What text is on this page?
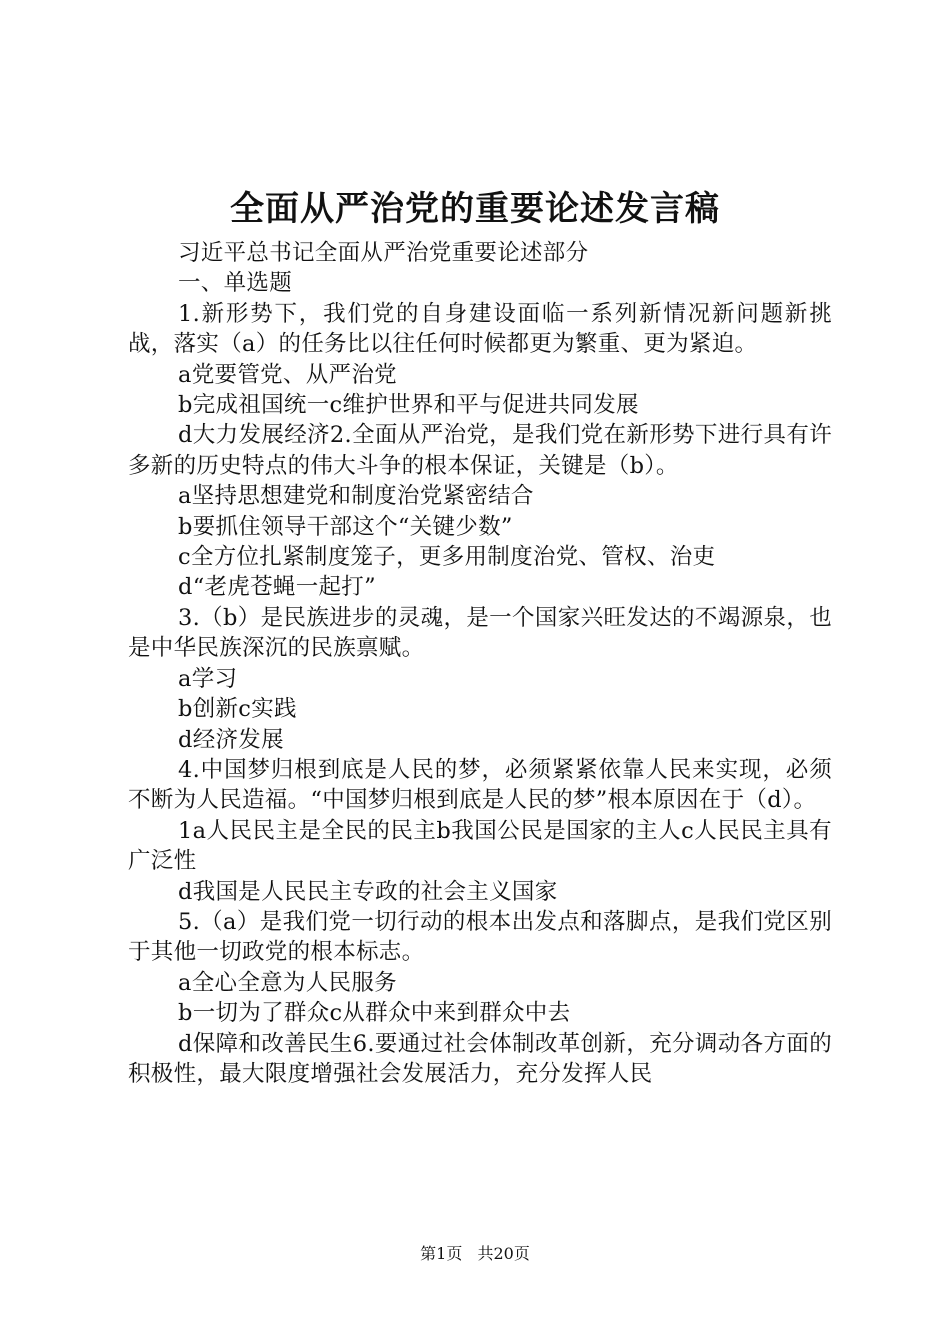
全面从严治党的重要论述发言稿

习近平总书记全面从严治党重要论述部分

一、单选题

1.新形势下，我们党的自身建设面临一系列新情况新问题新挑战，落实（a）的任务比以往任何时候都更为繁重、更为紧迫。

a党要管党、从严治党

b完成祖国统一c维护世界和平与促进共同发展

d大力发展经济2.全面从严治党，是我们党在新形势下进行具有许多新的历史特点的伟大斗争的根本保证，关键是（b）。

a坚持思想建党和制度治党紧密结合

b要抓住领导干部这个“关键少数”

c全方位扎紧制度笼子，更多用制度治党、管权、治吏

d“老虎苍蝇一起打”

3.（b）是民族进步的灵魂，是一个国家兴旺发达的不竭源泉，也是中华民族深沉的民族禀赋。

a学习

b创新c实践

d经济发展

4.中国梦归根到底是人民的梦，必须紧紧依靠人民来实现，必须不断为人民造福。“中国梦归根到底是人民的梦”根本原因在于（d）。

1a人民民主是全民的民主b我国公民是国家的主人c人民民主具有广泛性

d我国是人民民主专政的社会主义国家

5.（a）是我们党一切行动的根本出发点和落脚点，是我们党区别于其他一切政党的根本标志。

a全心全意为人民服务

b一切为了群众c从群众中来到群众中去

d保障和改善民生6.要通过社会体制改革创新，充分调动各方面的积极性，最大限度增强社会发展活力，充分发挥人民

第1页 共20页
